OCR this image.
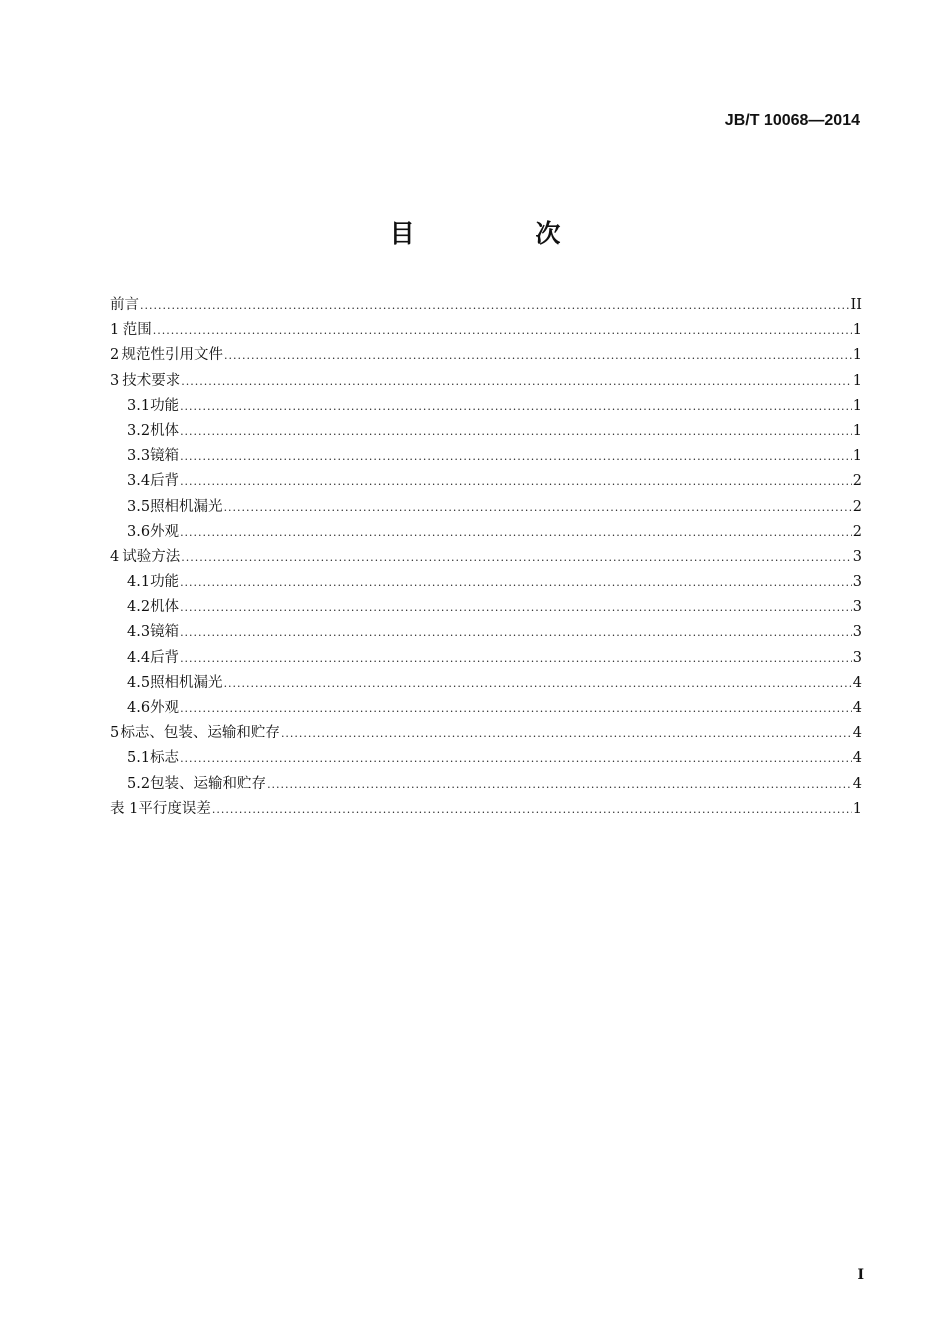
JB/T 10068—2014
目 次
前言 .....	II
1 范围 .....	1
2 规范性引用文件 .....	1
3 技术要求 .....	1
3.1 功能 .....	1
3.2 机体 .....	1
3.3 镜箱 .....	1
3.4 后背 .....	2
3.5 照相机漏光 .....	2
3.6 外观 .....	2
4 试验方法 .....	3
4.1 功能 .....	3
4.2 机体 .....	3
4.3 镜箱 .....	3
4.4 后背 .....	3
4.5 照相机漏光 .....	4
4.6 外观 .....	4
5 标志、包装、运输和贮存 .....	4
5.1 标志 .....	4
5.2 包装、运输和贮存 .....	4
表 1 平行度误差 .....	1
I
